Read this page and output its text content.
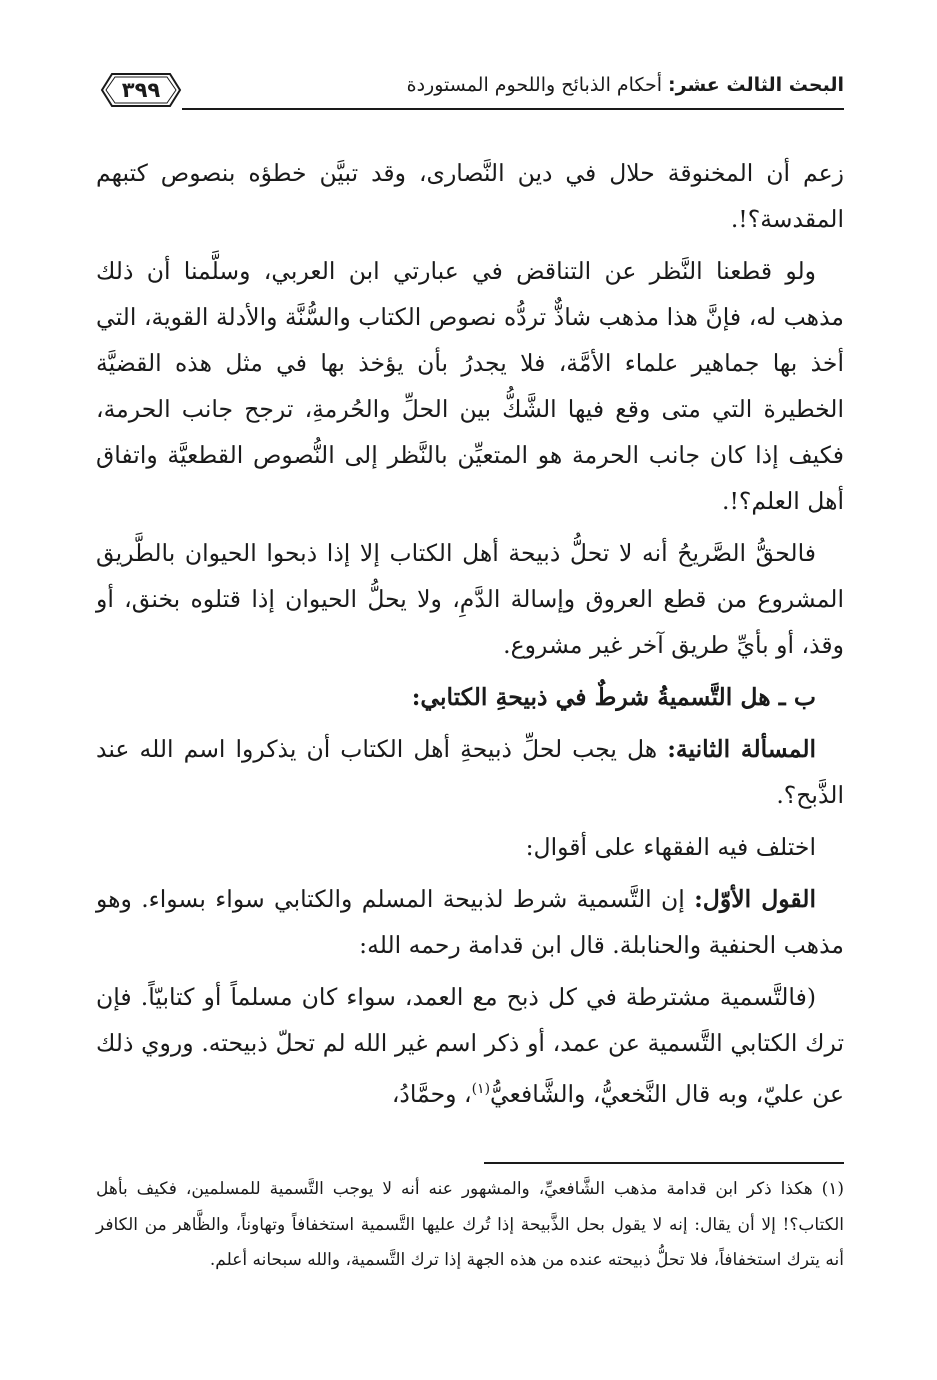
البحث الثالث عشر: أحكام الذبائح واللحوم المستوردة
٣٩٩

زعم أن المخنوقة حلال في دين النَّصارى، وقد تبيَّن خطؤه بنصوص كتبهم المقدسة؟!.

ولو قطعنا النَّظر عن التناقض في عبارتي ابن العربي، وسلَّمنا أن ذلك مذهب له، فإنَّ هذا مذهب شاذٌّ تردُّه نصوص الكتاب والسُّنَّة والأدلة القوية، التي أخذ بها جماهير علماء الأمَّة، فلا يجدرُ بأن يؤخذ بها في مثل هذه القضيَّة الخطيرة التي متى وقع فيها الشَّكُّ بين الحلِّ والحُرمةِ، ترجح جانب الحرمة، فكيف إذا كان جانب الحرمة هو المتعيِّن بالنَّظر إلى النُّصوص القطعيَّة واتفاق أهل العلم؟!.

فالحقُّ الصَّريحُ أنه لا تحلُّ ذبيحة أهل الكتاب إلا إذا ذبحوا الحيوان بالطَّريق المشروع من قطع العروق وإسالة الدَّمِ، ولا يحلُّ الحيوان إذا قتلوه بخنق، أو وقذ، أو بأيِّ طريق آخر غير مشروع.

ب ـ هل التَّسميةُ شرطٌ في ذبيحةِ الكتابي:

المسألة الثانية: هل يجب لحلِّ ذبيحةِ أهل الكتاب أن يذكروا اسم الله عند الذَّبح؟.

اختلف فيه الفقهاء على أقوال:

القول الأوّل: إن التَّسمية شرط لذبيحة المسلم والكتابي سواء بسواء. وهو مذهب الحنفية والحنابلة. قال ابن قدامة رحمه الله:

(فالتَّسمية مشترطة في كل ذبح مع العمد، سواء كان مسلماً أو كتابيّاً. فإن ترك الكتابي التَّسمية عن عمد، أو ذكر اسم غير الله لم تحلّ ذبيحته. وروي ذلك عن عليّ، وبه قال النَّخعيُّ، والشَّافعيُّ$^{(١)}$، وحمَّادُ،

(١) هكذا ذكر ابن قدامة مذهب الشَّافعيِّ، والمشهور عنه أنه لا يوجب التَّسمية للمسلمين، فكيف بأهل الكتاب؟! إلا أن يقال: إنه لا يقول بحل الذَّبيحة إذا تُرك عليها التَّسمية استخفافاً وتهاوناً، والظَّاهر من الكافر أنه يترك استخفافاً، فلا تحلُّ ذبيحته عنده من هذه الجهة إذا ترك التَّسمية، والله سبحانه أعلم.
